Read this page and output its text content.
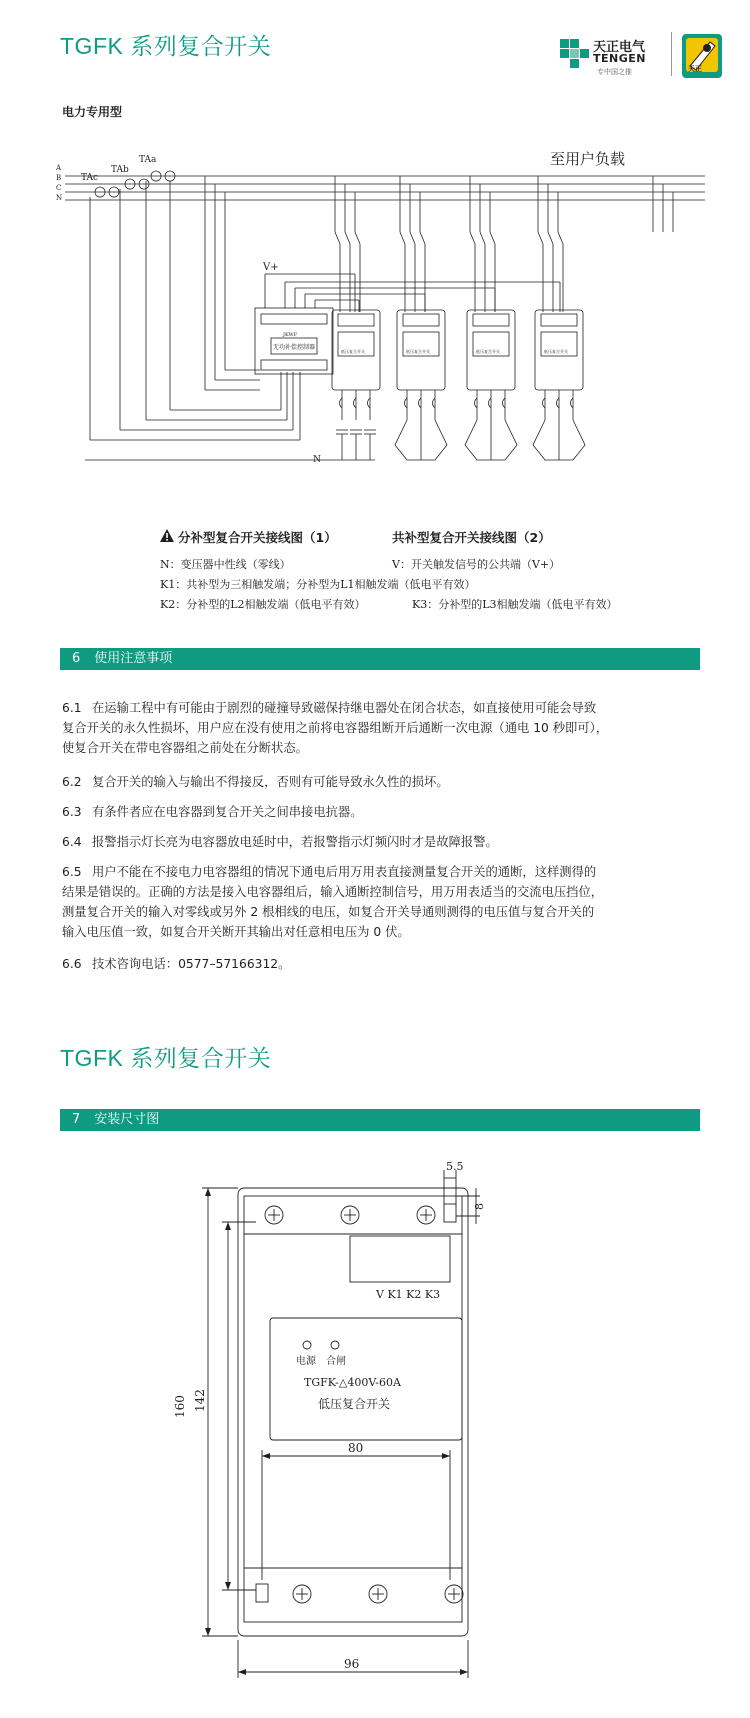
TGFK 系列复合开关	天正电气
TENGEN
专中国之推	天正
电力专用型
至用户负载
A
B
C
N
TAa
TAb
TAc
V+
N
JKWF
无功补偿控制器
低压复合开关	低压复合开关	低压复合开关	低压复合开关
分补型复合开关接线图（1）	共补型复合开关接线图（2）
N：变压器中性线（零线）	V：开关触发信号的公共端（V+）
K1：共补型为三相触发端；分补型为L1相触发端（低电平有效）
K2：分补型的L2相触发端（低电平有效）	K3：分补型的L3相触发端（低电平有效）
6 使用注意事项
6.1 在运输工程中有可能由于剧烈的碰撞导致磁保持继电器处在闭合状态，如直接使用可能会导致
复合开关的永久性损坏，用户应在没有使用之前将电容器组断开后通断一次电源（通电 10 秒即可），
使复合开关在带电容器组之前处在分断状态。
6.2 复合开关的输入与输出不得接反，否则有可能导致永久性的损坏。
6.3 有条件者应在电容器到复合开关之间串接电抗器。
6.4 报警指示灯长亮为电容器放电延时中，若报警指示灯频闪时才是故障报警。
6.5 用户不能在不接电力电容器组的情况下通电后用万用表直接测量复合开关的通断，这样测得的
结果是错误的。正确的方法是接入电容器组后，输入通断控制信号，用万用表适当的交流电压挡位，
测量复合开关的输入对零线或另外 2 根相线的电压，如复合开关导通则测得的电压值与复合开关的
输入电压值一致，如复合开关断开其输出对任意相电压为 0 伏。
6.6 技术咨询电话：0577–57166312。
TGFK 系列复合开关
7 安装尺寸图
5.5
8
160 142
80
96
V K1 K2 K3
电源 合闸
TGFK-△400V-60A
低压复合开关
